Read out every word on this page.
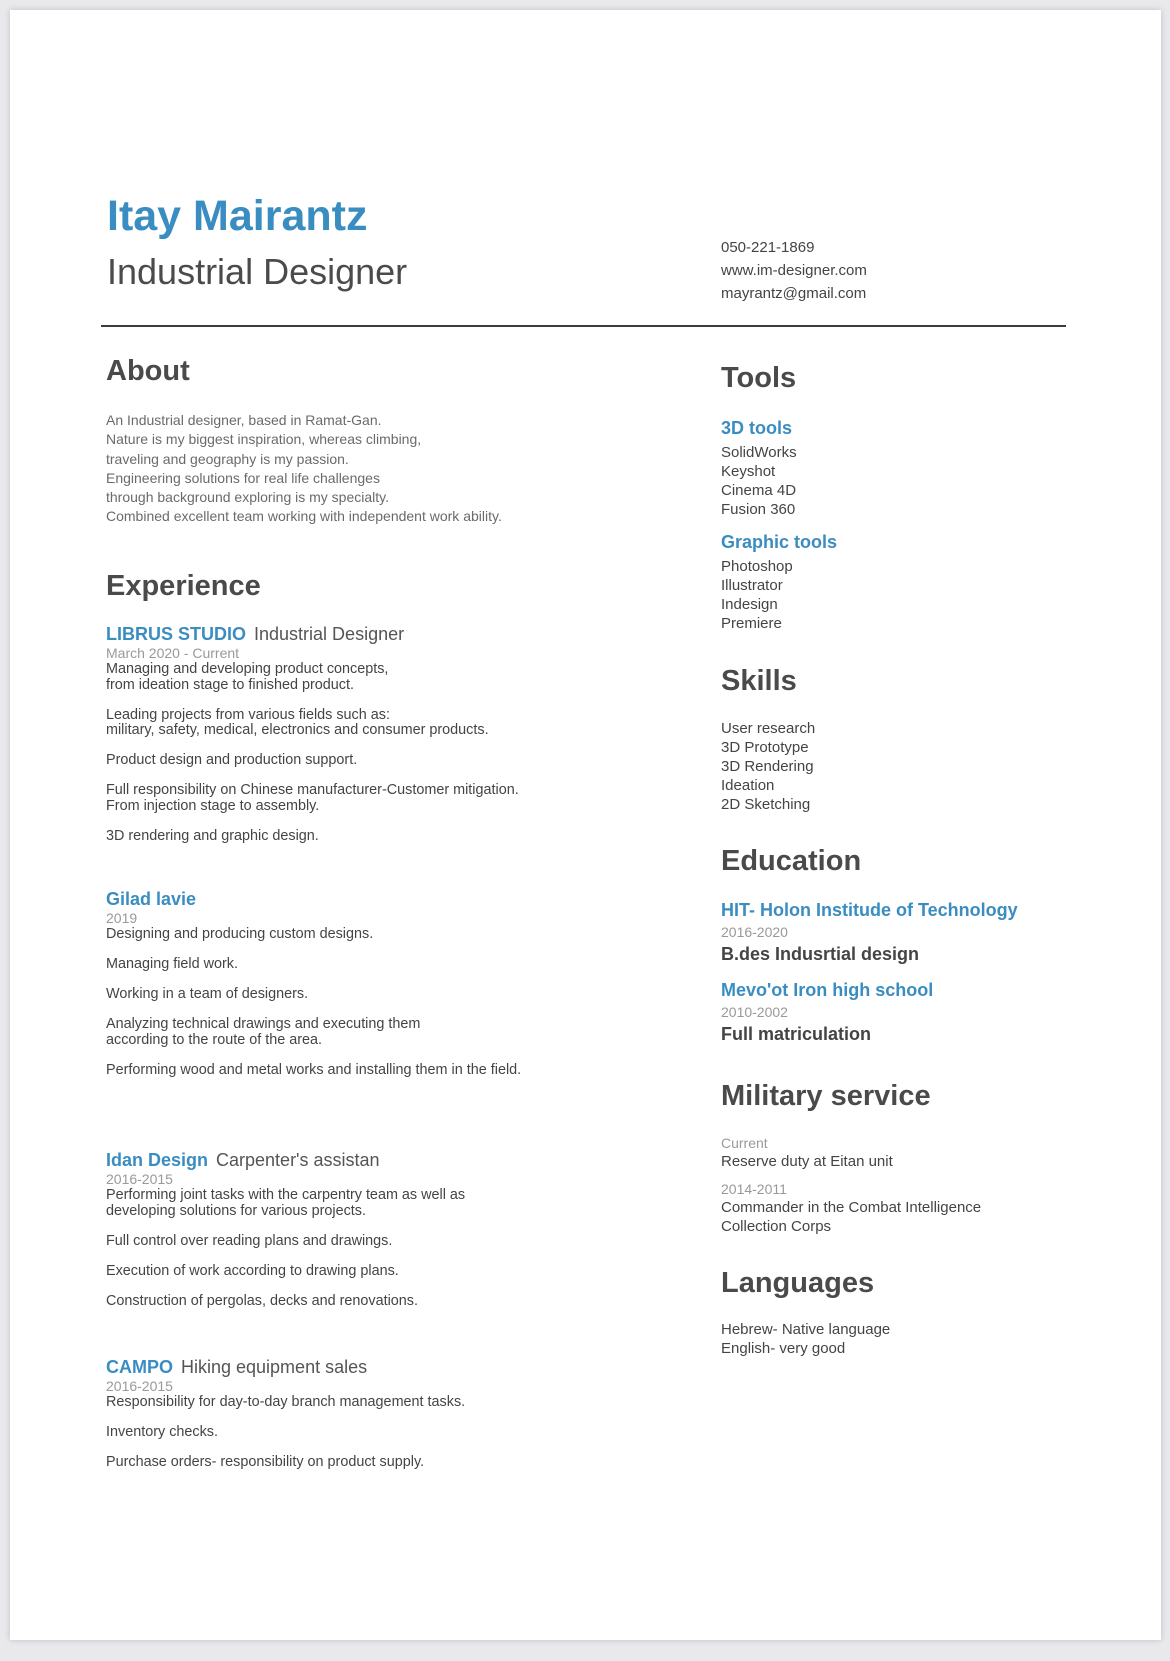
Itay Mairantz
Industrial Designer
050-221-1869
www.im-designer.com
mayrantz@gmail.com
About
An Industrial designer, based in Ramat-Gan.
Nature is my biggest inspiration, whereas climbing,
traveling and geography is my passion.
Engineering solutions for real life challenges
through background exploring is my specialty.
Combined excellent team working with independent work ability.
Experience
LIBRUS STUDIO Industrial Designer
March 2020 - Current
Managing and developing product concepts,
from ideation stage to finished product.
Leading projects from various fields such as:
military, safety, medical, electronics and consumer products.
Product design and production support.
Full responsibility on Chinese manufacturer-Customer mitigation.
From injection stage to assembly.
3D rendering and graphic design.
Gilad lavie
2019
Designing and producing custom designs.
Managing field work.
Working in a team of designers.
Analyzing technical drawings and executing them
according to the route of the area.
Performing wood and metal works and installing them in the field.
Idan Design Carpenter's assistan
2016-2015
Performing joint tasks with the carpentry team as well as
developing solutions for various projects.
Full control over reading plans and drawings.
Execution of work according to drawing plans.
Construction of pergolas, decks and renovations.
CAMPO Hiking equipment sales
2016-2015
Responsibility for day-to-day branch management tasks.
Inventory checks.
Purchase orders- responsibility on product supply.
Tools
3D tools
SolidWorks
Keyshot
Cinema 4D
Fusion 360
Graphic tools
Photoshop
Illustrator
Indesign
Premiere
Skills
User research
3D Prototype
3D Rendering
Ideation
2D Sketching
Education
HIT- Holon Institude of Technology
2016-2020
B.des Indusrtial design
Mevo'ot Iron high school
2010-2002
Full matriculation
Military service
Current
Reserve duty at Eitan unit
2014-2011
Commander in the Combat Intelligence
Collection Corps
Languages
Hebrew- Native language
English- very good
